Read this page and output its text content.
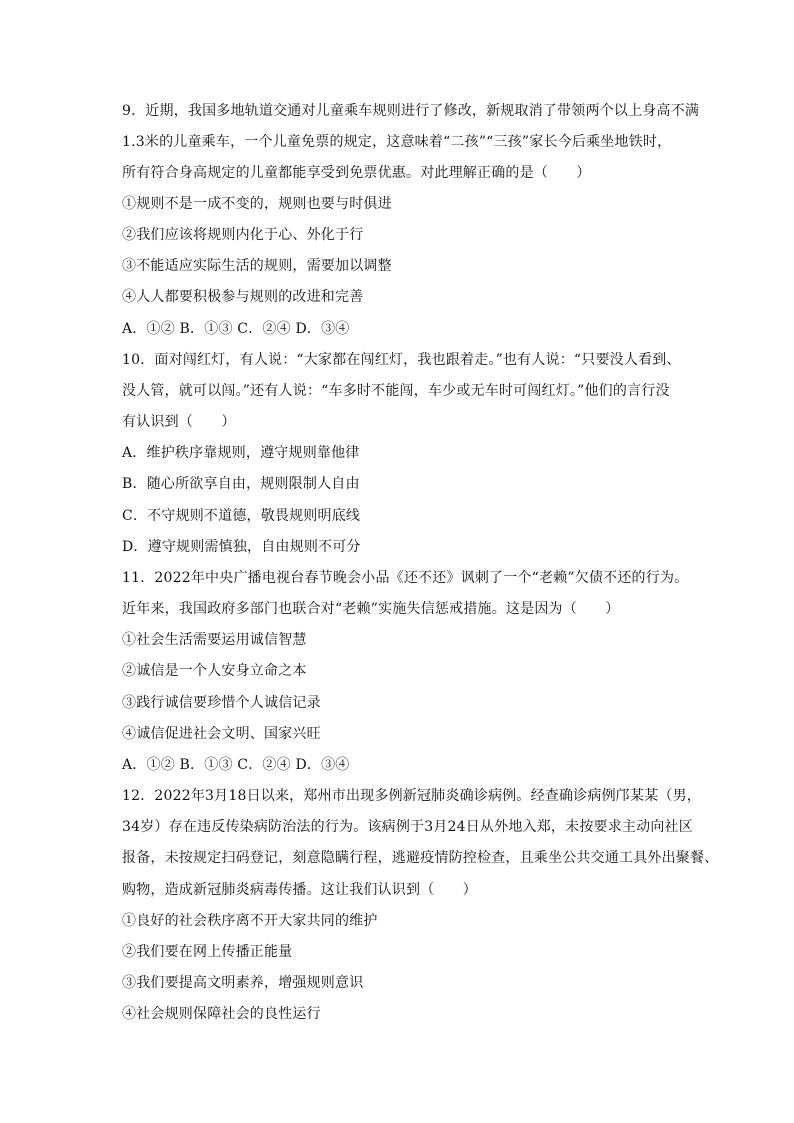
9．近期，我国多地轨道交通对儿童乘车规则进行了修改，新规取消了带领两个以上身高不满
1.3米的儿童乘车，一个儿童免票的规定，这意味着“二孩”“三孩”家长今后乘坐地铁时，
所有符合身高规定的儿童都能享受到免票优惠。对此理解正确的是（　　）
①规则不是一成不变的，规则也要与时俱进
②我们应该将规则内化于心、外化于行
③不能适应实际生活的规则，需要加以调整
④人人都要积极参与规则的改进和完善
A．①② B．①③ C．②④ D．③④
10．面对闯红灯，有人说：“大家都在闯红灯，我也跟着走。”也有人说：“只要没人看到、
没人管，就可以闯。”还有人说：“车多时不能闯，车少或无车时可闯红灯。”他们的言行没
有认识到（　　）
A．维护秩序靠规则，遵守规则靠他律
B．随心所欲享自由，规则限制人自由
C．不守规则不道德，敬畏规则明底线
D．遵守规则需慎独，自由规则不可分
11．2022年中央广播电视台春节晚会小品《还不还》讽刺了一个“老赖”欠债不还的行为。
近年来，我国政府多部门也联合对“老赖”实施失信惩戒措施。这是因为（　　）
①社会生活需要运用诚信智慧
②诚信是一个人安身立命之本
③践行诚信要珍惜个人诚信记录
④诚信促进社会文明、国家兴旺
A．①② B．①③ C．②④ D．③④
12．2022年3月18日以来，郑州市出现多例新冠肺炎确诊病例。经查确诊病例邝某某（男，
34岁）存在违反传染病防治法的行为。该病例于3月24日从外地入郑，未按要求主动向社区
报备，未按规定扫码登记，刻意隐瞒行程，逃避疫情防控检查，且乘坐公共交通工具外出聚餐、
购物，造成新冠肺炎病毒传播。这让我们认识到（　　）
①良好的社会秩序离不开大家共同的维护
②我们要在网上传播正能量
③我们要提高文明素养，增强规则意识
④社会规则保障社会的良性运行
